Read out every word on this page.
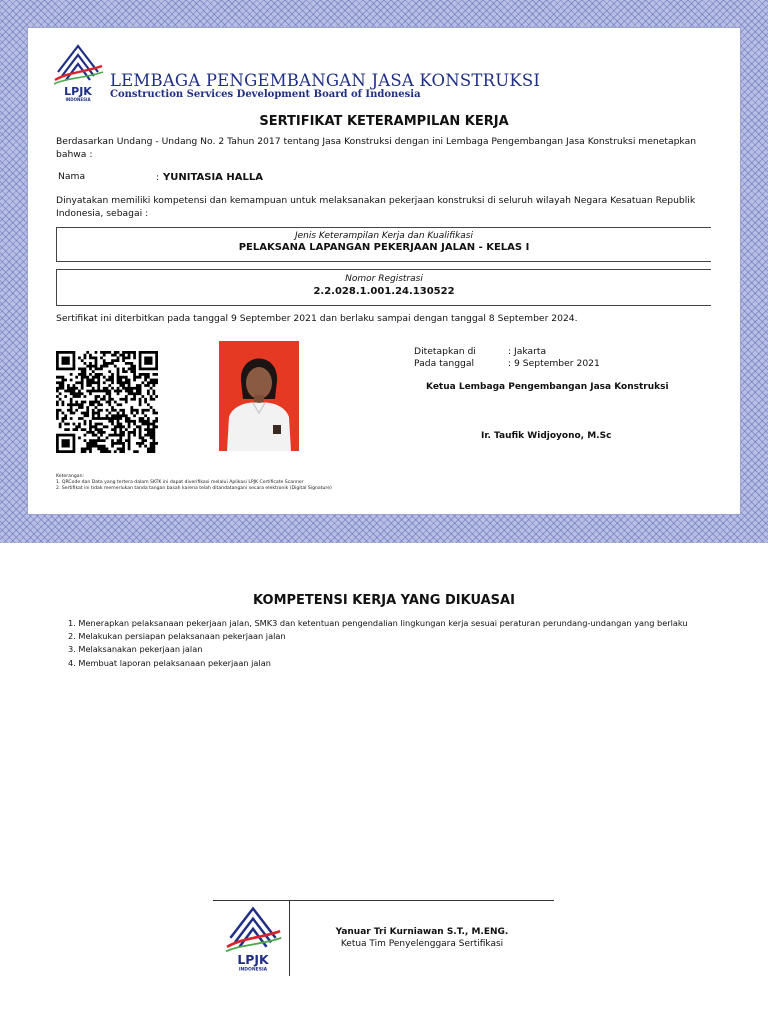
LPJK
INDONESIA
LEMBAGA PENGEMBANGAN JASA KONSTRUKSI
Construction Services Development Board of Indonesia
SERTIFIKAT KETERAMPILAN KERJA
Berdasarkan Undang - Undang No. 2 Tahun 2017 tentang Jasa Konstruksi dengan ini Lembaga Pengembangan Jasa Konstruksi menetapkan bahwa :
Nama	: YUNITASIA HALLA
Dinyatakan memiliki kompetensi dan kemampuan untuk melaksanakan pekerjaan konstruksi di seluruh wilayah Negara Kesatuan Republik Indonesia, sebagai :
Jenis Keterampilan Kerja dan Kualifikasi
PELAKSANA LAPANGAN PEKERJAAN JALAN - KELAS I
Nomor Registrasi
2.2.028.1.001.24.130522
Sertifikat ini diterbitkan pada tanggal 9 September 2021 dan berlaku sampai dengan tanggal 8 September 2024.
Ditetapkan di	: Jakarta
Pada tanggal	: 9 September 2021
Ketua Lembaga Pengembangan Jasa Konstruksi
Ir. Taufik Widjoyono, M.Sc
Keterangan:
1. QRCode dan Data yang tertera dalam SKTK ini dapat diverifikasi melalui Aplikasi LPJK Certificate Scanner
2. Sertifikat ini tidak memerlukan tanda tangan basah karena telah ditandatangani secara elektronik (Digital Signature)
KOMPETENSI KERJA YANG DIKUASAI
1. Menerapkan pelaksanaan pekerjaan jalan, SMK3 dan ketentuan pengendalian lingkungan kerja sesuai peraturan perundang-undangan yang berlaku
2. Melakukan persiapan pelaksanaan pekerjaan jalan
3. Melaksanakan pekerjaan jalan
4. Membuat laporan pelaksanaan pekerjaan jalan
LPJK
INDONESIA
Yanuar Tri Kurniawan S.T., M.ENG.
Ketua Tim Penyelenggara Sertifikasi
